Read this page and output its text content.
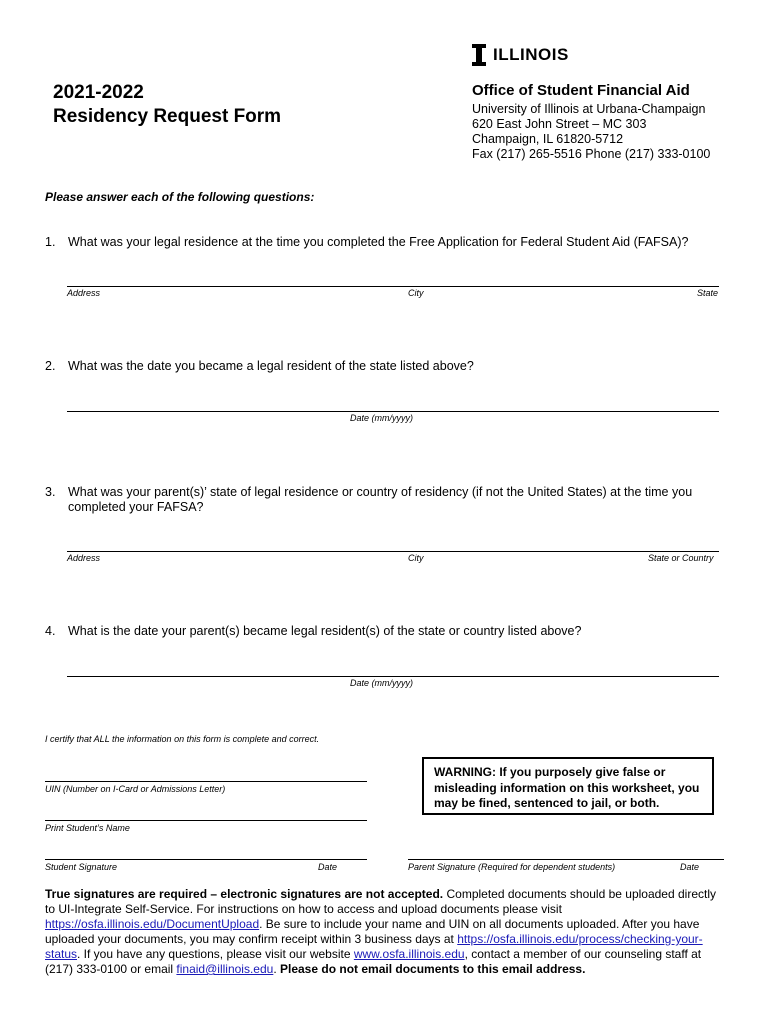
ILLINOIS
2021-2022
Residency Request Form
Office of Student Financial Aid
University of Illinois at Urbana-Champaign
620 East John Street – MC 303
Champaign, IL 61820-5712
Fax (217) 265-5516 Phone (217) 333-0100
Please answer each of the following questions:
1.	What was your legal residence at the time you completed the Free Application for Federal Student Aid (FAFSA)?
Address	City	State
2.	What was the date you became a legal resident of the state listed above?
Date (mm/yyyy)
3.	What was your parent(s)’ state of legal residence or country of residency (if not the United States) at the time you completed your FAFSA?
Address	City	State or Country
4.	What is the date your parent(s) became legal resident(s) of the state or country listed above?
Date (mm/yyyy)
I certify that ALL the information on this form is complete and correct.
UIN (Number on I-Card or Admissions Letter)
Print Student’s Name
Student Signature	Date	Parent Signature (Required for dependent students)	Date
WARNING: If you purposely give false or misleading information on this worksheet, you may be fined, sentenced to jail, or both.
True signatures are required – electronic signatures are not accepted. Completed documents should be uploaded directly to UI-Integrate Self-Service. For instructions on how to access and upload documents please visit https://osfa.illinois.edu/DocumentUpload. Be sure to include your name and UIN on all documents uploaded. After you have uploaded your documents, you may confirm receipt within 3 business days at https://osfa.illinois.edu/process/checking-your-status. If you have any questions, please visit our website www.osfa.illinois.edu, contact a member of our counseling staff at (217) 333-0100 or email finaid@illinois.edu. Please do not email documents to this email address.
